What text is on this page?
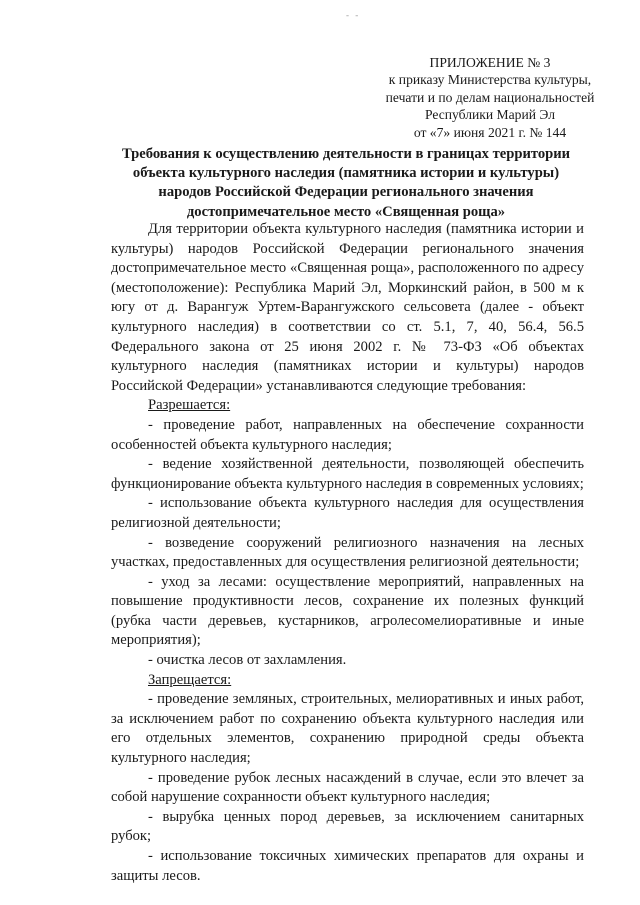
- -
ПРИЛОЖЕНИЕ № 3
к приказу Министерства культуры,
печати и по делам национальностей
Республики Марий Эл
от «7» июня 2021 г. № 144
Требования к осуществлению деятельности в границах территории
объекта культурного наследия (памятника истории и культуры)
народов Российской Федерации регионального значения
достопримечательное место «Священная роща»

Для территории объекта культурного наследия (памятника истории и культуры) народов Российской Федерации регионального значения достопримечательное место «Священная роща», расположенного по адресу (местоположение): Республика Марий Эл, Моркинский район, в 500 м к югу от д. Варангуж Уртем-Варангужского сельсовета (далее - объект культурного наследия) в соответствии со ст. 5.1, 7, 40, 56.4, 56.5 Федерального закона от 25 июня 2002 г. № 73-ФЗ «Об объектах культурного наследия (памятниках истории и культуры) народов Российской Федерации» устанавливаются следующие требования:

Разрешается:

- проведение работ, направленных на обеспечение сохранности особенностей объекта культурного наследия;

- ведение хозяйственной деятельности, позволяющей обеспечить функционирование объекта культурного наследия в современных условиях;

- использование объекта культурного наследия для осуществления религиозной деятельности;

- возведение сооружений религиозного назначения на лесных участках, предоставленных для осуществления религиозной деятельности;

- уход за лесами: осуществление мероприятий, направленных на повышение продуктивности лесов, сохранение их полезных функций (рубка части деревьев, кустарников, агролесомелиоративные и иные мероприятия);

- очистка лесов от захламления.

Запрещается:

- проведение земляных, строительных, мелиоративных и иных работ, за исключением работ по сохранению объекта культурного наследия или его отдельных элементов, сохранению природной среды объекта культурного наследия;

- проведение рубок лесных насаждений в случае, если это влечет за собой нарушение сохранности объект культурного наследия;

- вырубка ценных пород деревьев, за исключением санитарных рубок;

- использование токсичных химических препаратов для охраны и защиты лесов.
